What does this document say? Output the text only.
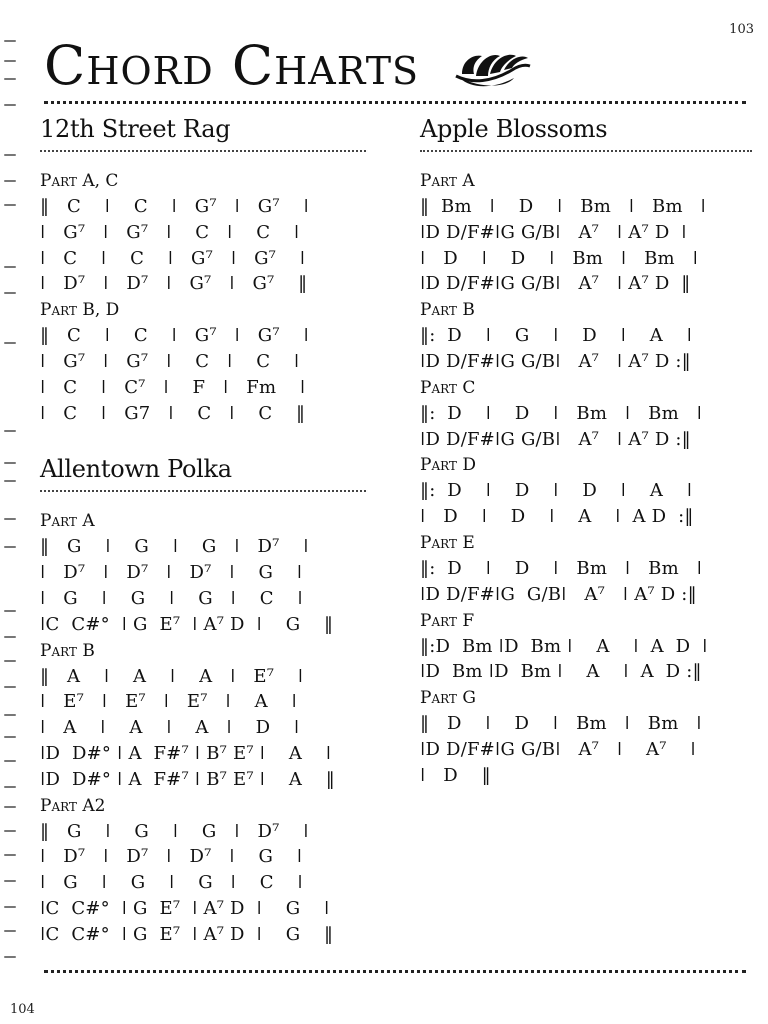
103
104
Chord Charts
12th Street Rag
Part A, C
‖   C    ǀ    C    ǀ   G⁷   ǀ   G⁷    ǀ
ǀ   G⁷   ǀ   G⁷   ǀ    C   ǀ    C    ǀ
ǀ   C    ǀ    C    ǀ   G⁷   ǀ   G⁷    ǀ
ǀ   D⁷   ǀ   D⁷   ǀ   G⁷   ǀ   G⁷    ‖
Part B, D
‖   C    ǀ    C    ǀ   G⁷   ǀ   G⁷    ǀ
ǀ   G⁷   ǀ   G⁷   ǀ    C   ǀ    C    ǀ
ǀ   C    ǀ   C⁷   ǀ    F   ǀ   Fm    ǀ
ǀ   C    ǀ   G7   ǀ    C   ǀ    C    ‖
Allentown Polka
Part A
‖   G    ǀ    G    ǀ    G   ǀ   D⁷    ǀ
ǀ   D⁷   ǀ   D⁷   ǀ   D⁷   ǀ    G    ǀ
ǀ   G    ǀ    G    ǀ    G   ǀ    C    ǀ
ǀC  C#°  ǀ G  E⁷  ǀ A⁷ D  ǀ    G    ‖
Part B
‖   A    ǀ    A    ǀ    A   ǀ   E⁷    ǀ
ǀ   E⁷   ǀ   E⁷   ǀ   E⁷   ǀ    A    ǀ
ǀ   A    ǀ    A    ǀ    A   ǀ    D    ǀ
ǀD  D#° ǀ A  F#⁷ ǀ B⁷ E⁷ ǀ    A    ǀ
ǀD  D#° ǀ A  F#⁷ ǀ B⁷ E⁷ ǀ    A    ‖
Part A2
‖   G    ǀ    G    ǀ    G   ǀ   D⁷    ǀ
ǀ   D⁷   ǀ   D⁷   ǀ   D⁷   ǀ    G    ǀ
ǀ   G    ǀ    G    ǀ    G   ǀ    C    ǀ
ǀC  C#°  ǀ G  E⁷  ǀ A⁷ D  ǀ    G    ǀ
ǀC  C#°  ǀ G  E⁷  ǀ A⁷ D  ǀ    G    ‖
Apple Blossoms
Part A
‖  Bm   ǀ    D    ǀ   Bm   ǀ   Bm   ǀ
ǀD D/F#ǀG G/Bǀ   A⁷   ǀ A⁷ D  ǀ
ǀ   D    ǀ    D    ǀ   Bm   ǀ   Bm   ǀ
ǀD D/F#ǀG G/Bǀ   A⁷   ǀ A⁷ D  ‖
Part B
‖:  D    ǀ    G    ǀ    D    ǀ    A    ǀ
ǀD D/F#ǀG G/Bǀ   A⁷   ǀ A⁷ D :‖
Part C
‖:  D    ǀ    D    ǀ   Bm   ǀ   Bm   ǀ
ǀD D/F#ǀG G/Bǀ   A⁷   ǀ A⁷ D :‖
Part D
‖:  D    ǀ    D    ǀ    D    ǀ    A    ǀ
ǀ   D    ǀ    D    ǀ    A    ǀ  A D  :‖
Part E
‖:  D    ǀ    D    ǀ   Bm   ǀ   Bm   ǀ
ǀD D/F#ǀG  G/Bǀ   A⁷   ǀ A⁷ D :‖
Part F
‖:D  Bm ǀD  Bm ǀ    A    ǀ  A  D  ǀ
ǀD  Bm ǀD  Bm ǀ    A    ǀ  A  D :‖
Part G
‖   D    ǀ    D    ǀ   Bm   ǀ   Bm   ǀ
ǀD D/F#ǀG G/Bǀ   A⁷   ǀ    A⁷    ǀ
ǀ   D    ‖
